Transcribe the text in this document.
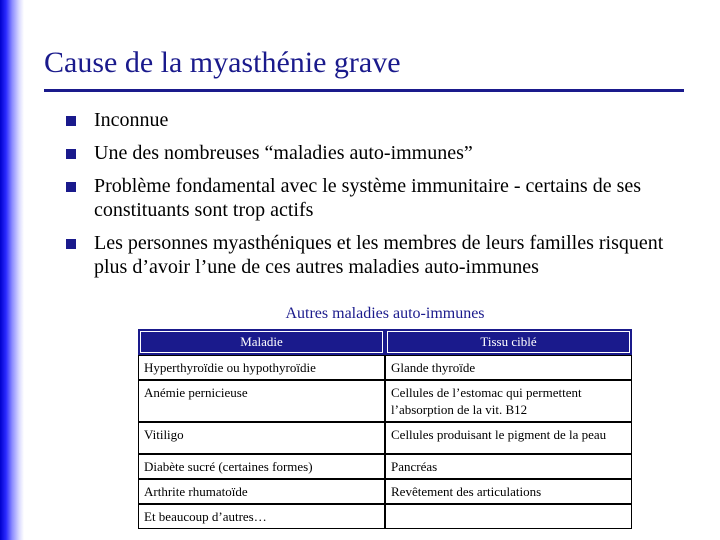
Cause de la myasthénie grave
Inconnue
Une des nombreuses “maladies auto-immunes”
Problème fondamental avec le système immunitaire - certains de ses constituants sont trop actifs
Les personnes myasthéniques et les membres de leurs familles risquent plus d’avoir l’une de ces autres maladies auto-immunes
Autres maladies auto-immunes
Maladie	Tissu ciblé
Hyperthyroïdie ou hypothyroïdie	Glande thyroïde
Anémie pernicieuse	Cellules de l’estomac qui permettent l’absorption de la vit. B12
Vitiligo	Cellules produisant le pigment de la peau
Diabète sucré (certaines formes)	Pancréas
Arthrite rhumatoïde	Revêtement des articulations
Et beaucoup d’autres…	
